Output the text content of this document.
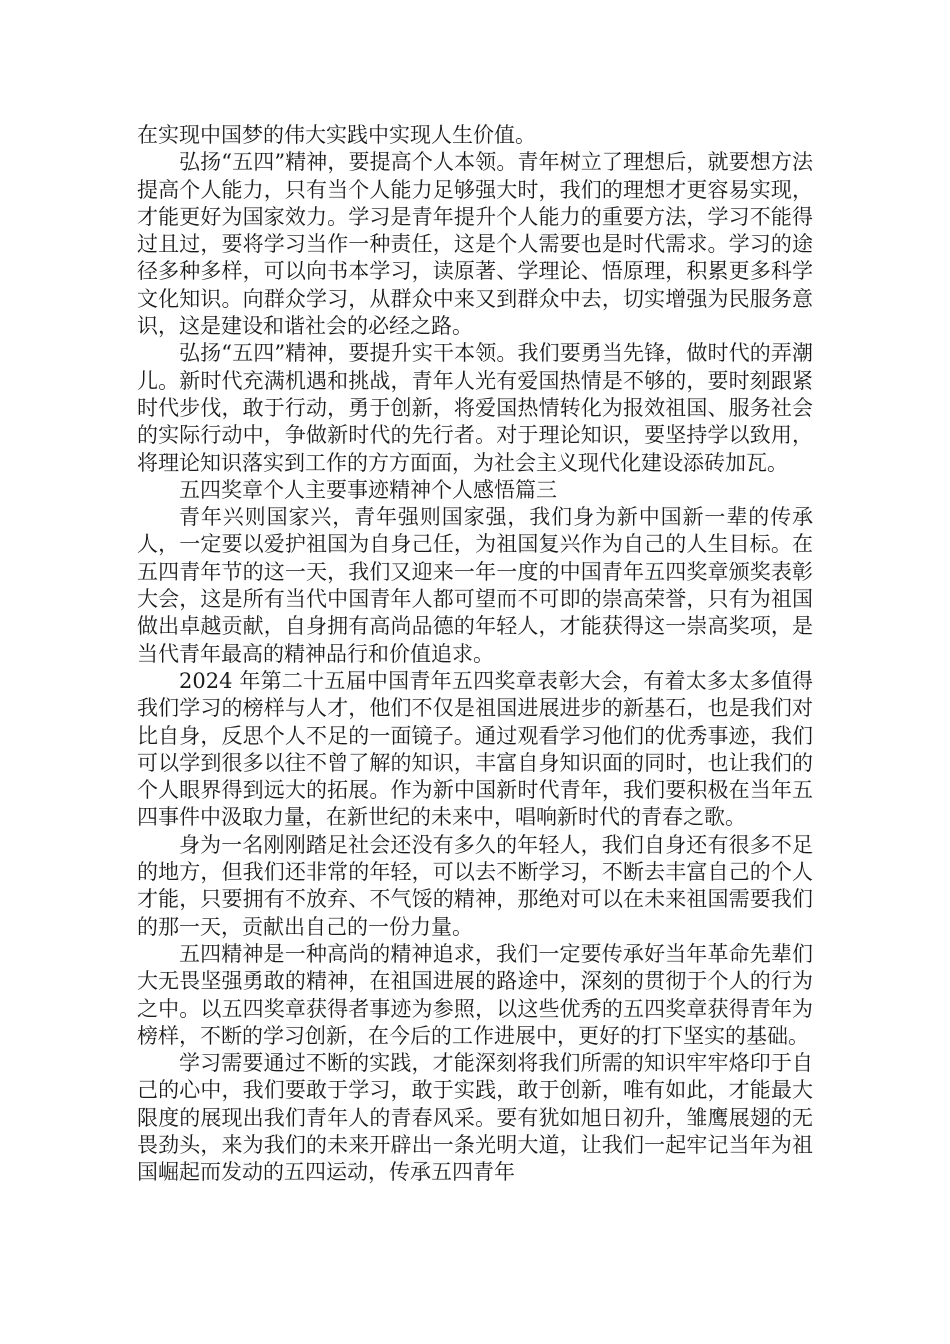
在实现中国梦的伟大实践中实现人生价值。

弘扬“五四”精神，要提高个人本领。青年树立了理想后，就要想方法提高个人能力，只有当个人能力足够强大时，我们的理想才更容易实现，才能更好为国家效力。学习是青年提升个人能力的重要方法，学习不能得过且过，要将学习当作一种责任，这是个人需要也是时代需求。学习的途径多种多样，可以向书本学习，读原著、学理论、悟原理，积累更多科学文化知识。向群众学习，从群众中来又到群众中去，切实增强为民服务意识，这是建设和谐社会的必经之路。

弘扬“五四”精神，要提升实干本领。我们要勇当先锋，做时代的弄潮儿。新时代充满机遇和挑战，青年人光有爱国热情是不够的，要时刻跟紧时代步伐，敢于行动，勇于创新，将爱国热情转化为报效祖国、服务社会的实际行动中，争做新时代的先行者。对于理论知识，要坚持学以致用，将理论知识落实到工作的方方面面，为社会主义现代化建设添砖加瓦。

五四奖章个人主要事迹精神个人感悟篇三

青年兴则国家兴，青年强则国家强，我们身为新中国新一辈的传承人，一定要以爱护祖国为自身己任，为祖国复兴作为自己的人生目标。在五四青年节的这一天，我们又迎来一年一度的中国青年五四奖章颁奖表彰大会，这是所有当代中国青年人都可望而不可即的崇高荣誉，只有为祖国做出卓越贡献，自身拥有高尚品德的年轻人，才能获得这一崇高奖项，是当代青年最高的精神品行和价值追求。

2024 年第二十五届中国青年五四奖章表彰大会，有着太多太多值得我们学习的榜样与人才，他们不仅是祖国进展进步的新基石，也是我们对比自身，反思个人不足的一面镜子。通过观看学习他们的优秀事迹，我们可以学到很多以往不曾了解的知识，丰富自身知识面的同时，也让我们的个人眼界得到远大的拓展。作为新中国新时代青年，我们要积极在当年五四事件中汲取力量，在新世纪的未来中，唱响新时代的青春之歌。

身为一名刚刚踏足社会还没有多久的年轻人，我们自身还有很多不足的地方，但我们还非常的年轻，可以去不断学习，不断去丰富自己的个人才能，只要拥有不放弃、不气馁的精神，那绝对可以在未来祖国需要我们的那一天，贡献出自己的一份力量。

五四精神是一种高尚的精神追求，我们一定要传承好当年革命先辈们大无畏坚强勇敢的精神，在祖国进展的路途中，深刻的贯彻于个人的行为之中。以五四奖章获得者事迹为参照，以这些优秀的五四奖章获得青年为榜样，不断的学习创新，在今后的工作进展中，更好的打下坚实的基础。

学习需要通过不断的实践，才能深刻将我们所需的知识牢牢烙印于自己的心中，我们要敢于学习，敢于实践，敢于创新，唯有如此，才能最大限度的展现出我们青年人的青春风采。要有犹如旭日初升，雏鹰展翅的无畏劲头，来为我们的未来开辟出一条光明大道，让我们一起牢记当年为祖国崛起而发动的五四运动，传承五四青年
